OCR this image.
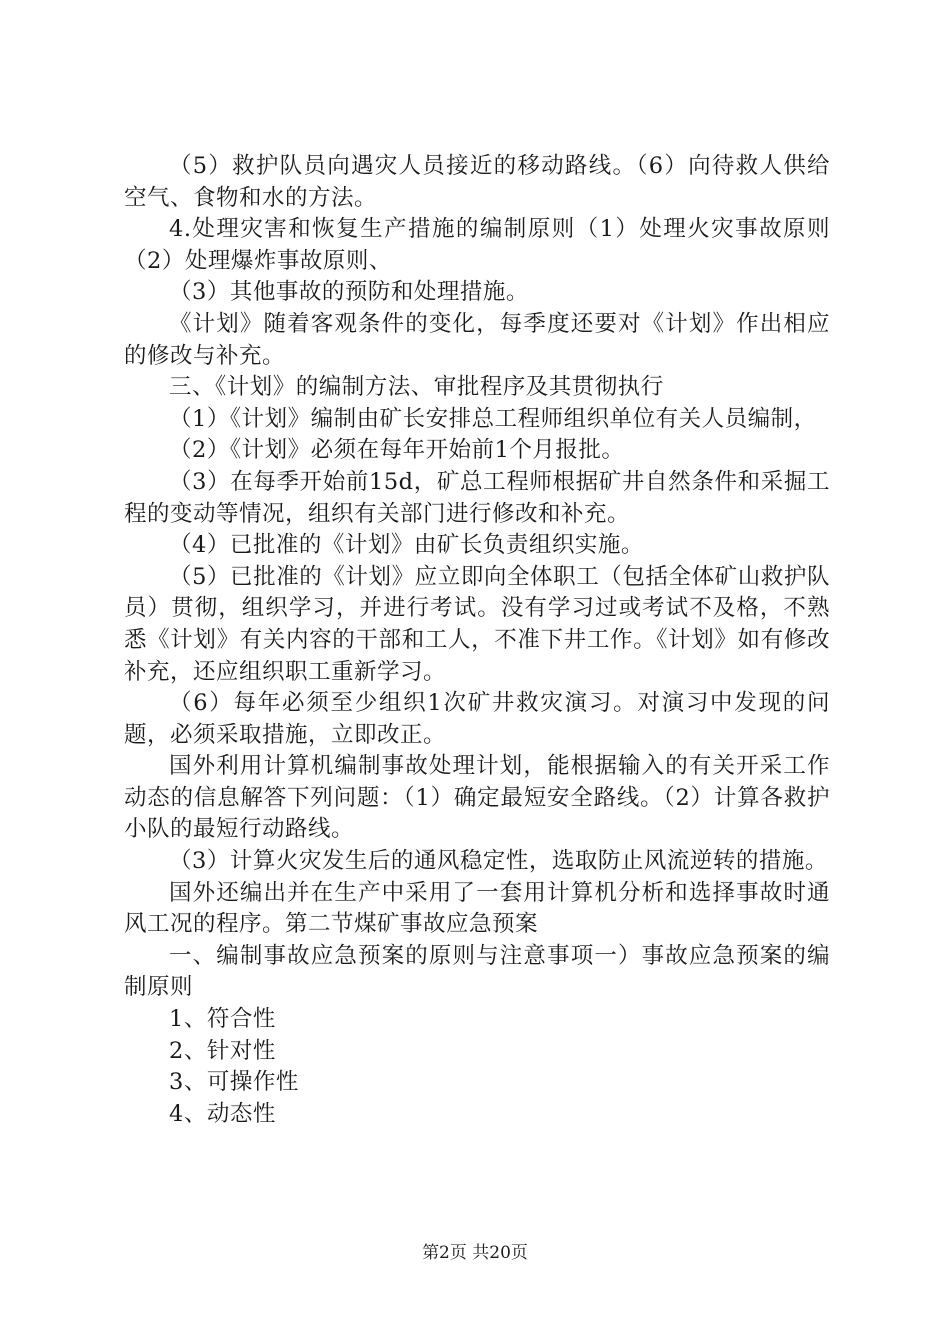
（5）救护队员向遇灾人员接近的移动路线。（6）向待救人供给空气、食物和水的方法。

4.处理灾害和恢复生产措施的编制原则（1）处理火灾事故原则（2）处理爆炸事故原则、

（3）其他事故的预防和处理措施。

《计划》随着客观条件的变化，每季度还要对《计划》作出相应的修改与补充。

三、《计划》的编制方法、审批程序及其贯彻执行

（1）《计划》编制由矿长安排总工程师组织单位有关人员编制，

（2）《计划》必须在每年开始前1个月报批。

（3）在每季开始前15d，矿总工程师根据矿井自然条件和采掘工程的变动等情况，组织有关部门进行修改和补充。

（4）已批准的《计划》由矿长负责组织实施。

（5）已批准的《计划》应立即向全体职工（包括全体矿山救护队员）贯彻，组织学习，并进行考试。没有学习过或考试不及格，不熟悉《计划》有关内容的干部和工人，不准下井工作。《计划》如有修改补充，还应组织职工重新学习。

（6）每年必须至少组织1次矿井救灾演习。对演习中发现的问题，必须采取措施，立即改正。

国外利用计算机编制事故处理计划，能根据输入的有关开采工作动态的信息解答下列问题：（1）确定最短安全路线。（2）计算各救护小队的最短行动路线。

（3）计算火灾发生后的通风稳定性，选取防止风流逆转的措施。

国外还编出并在生产中采用了一套用计算机分析和选择事故时通风工况的程序。第二节煤矿事故应急预案

一、编制事故应急预案的原则与注意事项一）事故应急预案的编制原则

1、符合性

2、针对性

3、可操作性

4、动态性

第2页 共20页
